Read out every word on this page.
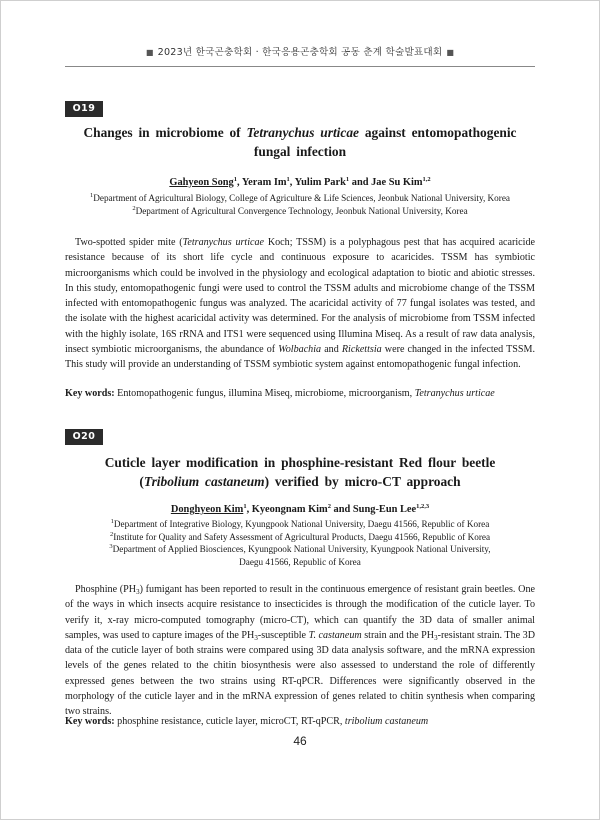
■ 2023년 한국곤충학회 · 한국응용곤충학회 공동 춘계 학술발표대회 ■
O19
Changes in microbiome of Tetranychus urticae against entomopathogenic
fungal infection
Gahyeon Song$^1$, Yeram Im$^1$, Yulim Park$^1$ and Jae Su Kim$^{1,2}$
$^1$Department of Agricultural Biology, College of Agriculture & Life Sciences, Jeonbuk National University, Korea
$^2$Department of Agricultural Convergence Technology, Jeonbuk National University, Korea
Two-spotted spider mite (Tetranychus urticae Koch; TSSM) is a polyphagous pest that has acquired acaricide resistance because of its short life cycle and continuous exposure to acaricides. TSSM has symbiotic microorganisms which could be involved in the physiology and ecological adaptation to biotic and abiotic stresses. In this study, entomopathogenic fungi were used to control the TSSM adults and microbiome change of the TSSM infected with entomopathogenic fungus was analyzed. The acaricidal activity of 77 fungal isolates was tested, and the isolate with the highest acaricidal activity was determined. For the analysis of microbiome from TSSM infected with the highly isolate, 16S rRNA and ITS1 were sequenced using Illumina Miseq. As a result of raw data analysis, insect symbiotic microorganisms, the abundance of Wolbachia and Rickettsia were changed in the infected TSSM. This study will provide an understanding of TSSM symbiotic system against entomopathogenic fungal infection.
Key words: Entomopathogenic fungus, illumina Miseq, microbiome, microorganism, Tetranychus urticae
O20
Cuticle layer modification in phosphine-resistant Red flour beetle
(Tribolium castaneum) verified by micro-CT approach
Donghyeon Kim$^1$, Kyeongnam Kim$^2$ and Sung-Eun Lee$^{1,2,3}$
$^1$Department of Integrative Biology, Kyungpook National University, Daegu 41566, Republic of Korea
$^2$Institute for Quality and Safety Assessment of Agricultural Products, Daegu 41566, Republic of Korea
$^3$Department of Applied Biosciences, Kyungpook National University, Kyungpook National University,
Daegu 41566, Republic of Korea
Phosphine $(PH_3)$ fumigant has been reported to result in the continuous emergence of resistant grain beetles. One of the ways in which insects acquire resistance to insecticides is through the modification of the cuticle layer. To verify it, x-ray micro-computed tomography (micro-CT), which can quantify the 3D data of smaller animal samples, was used to capture images of the $PH_3$-susceptible T. castaneum strain and the $PH_3$-resistant strain. The 3D data of the cuticle layer of both strains were compared using 3D data analysis software, and the mRNA expression levels of the genes related to the chitin biosynthesis were also assessed to understand the role of differently expressed genes between the two strains using RT-qPCR. Differences were significantly observed in the morphology of the cuticle layer and in the mRNA expression of genes related to chitin synthesis when comparing two strains.
Key words: phosphine resistance, cuticle layer, microCT, RT-qPCR, tribolium castaneum
46
